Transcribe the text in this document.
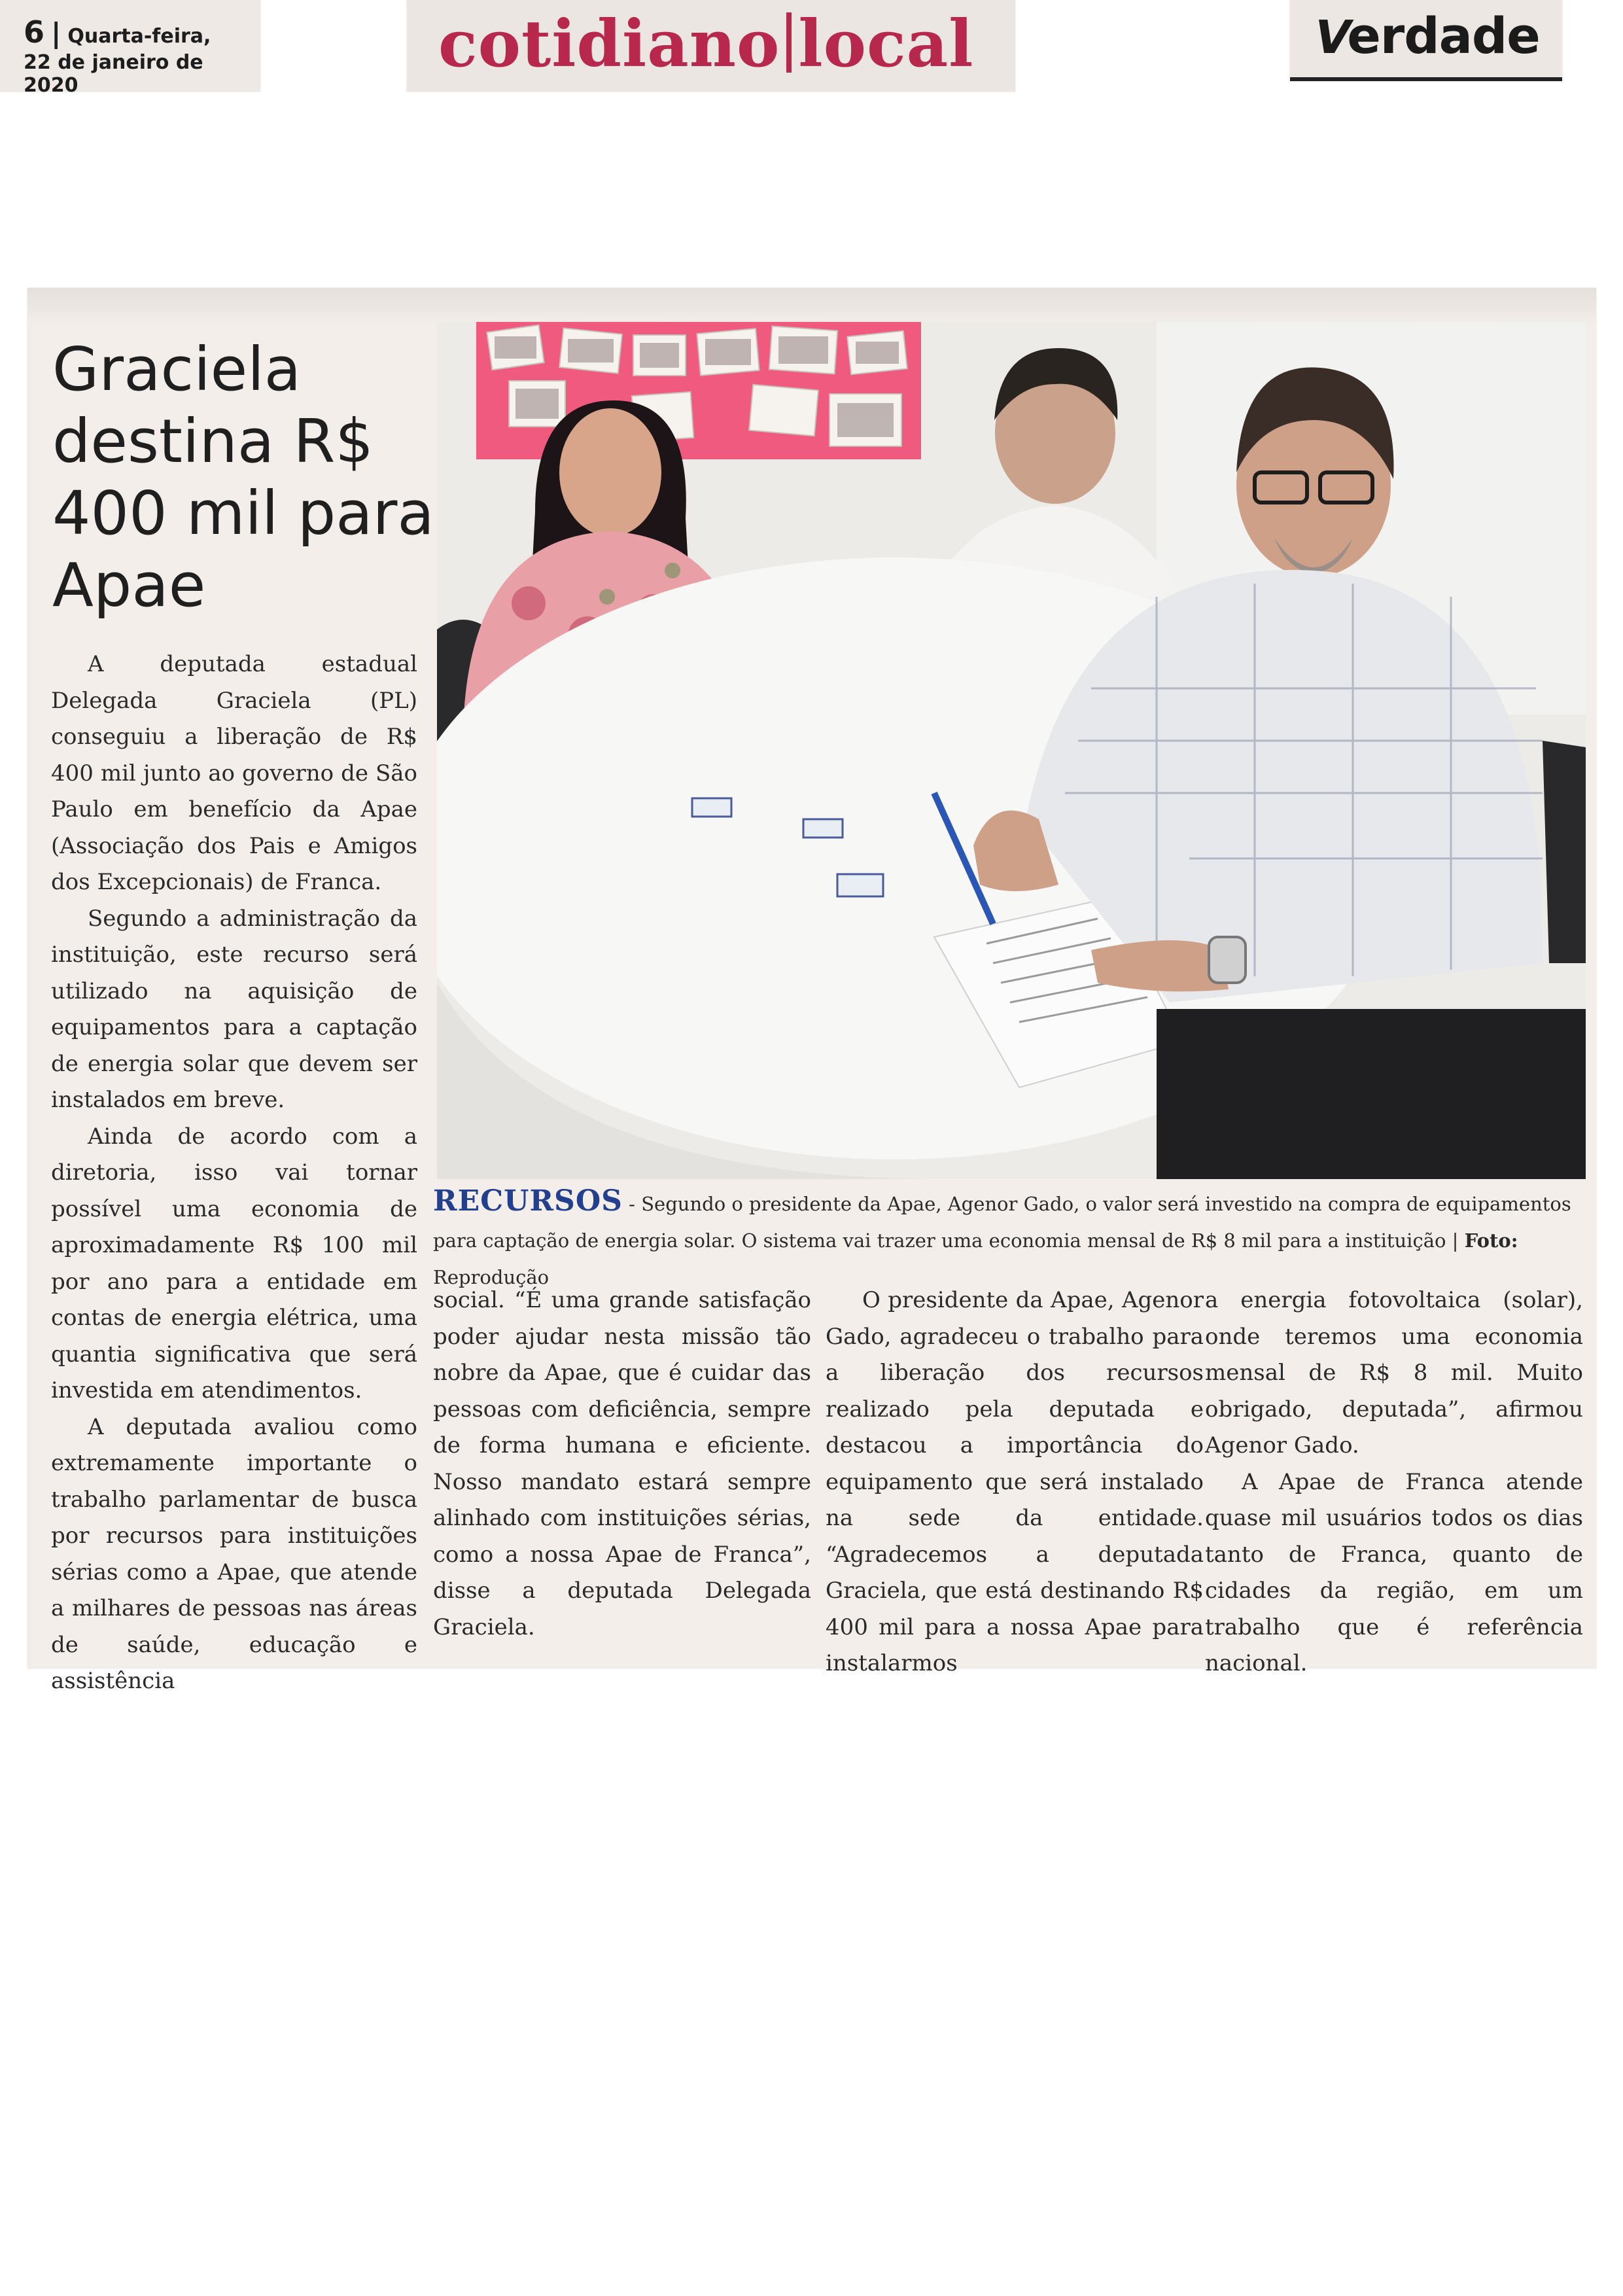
6 | Quarta-feira,
22 de janeiro de 2020
cotidiano local	Verdade
Graciela destina R$ 400 mil para Apae

A deputada estadual Delegada Graciela (PL) conseguiu a liberação de R$ 400 mil junto ao governo de São Paulo em benefício da Apae (Associação dos Pais e Amigos dos Excepcionais) de Franca.

Segundo a administração da instituição, este recurso será utilizado na aquisição de equipamentos para a captação de energia solar que devem ser instalados em breve.

Ainda de acordo com a diretoria, isso vai tornar possível uma economia de aproximadamente R$ 100 mil por ano para a entidade em contas de energia elétrica, uma quantia significativa que será investida em atendimentos.

A deputada avaliou como extremamente importante o trabalho parlamentar de busca por recursos para instituições sérias como a Apae, que atende a milhares de pessoas nas áreas de saúde, educação e assistência

RECURSOS - Segundo o presidente da Apae, Agenor Gado, o valor será investido na compra de equipamentos para captação de energia solar. O sistema vai trazer uma economia mensal de R$ 8 mil para a instituição | Foto: Reprodução

social. “É uma grande satisfação poder ajudar nesta missão tão nobre da Apae, que é cuidar das pessoas com deficiência, sempre de forma humana e eficiente. Nosso mandato estará sempre alinhado com instituições sérias, como a nossa Apae de Franca”, disse a deputada Delegada Graciela.

O presidente da Apae, Agenor Gado, agradeceu o trabalho para a liberação dos recursos realizado pela deputada e destacou a importância do equipamento que será instalado na sede da entidade. “Agradecemos a deputada Graciela, que está destinando R$ 400 mil para a nossa Apae para instalarmos

a energia fotovoltaica (solar), onde teremos uma economia mensal de R$ 8 mil. Muito obrigado, deputada”, afirmou Agenor Gado.

A Apae de Franca atende quase mil usuários todos os dias tanto de Franca, quanto de cidades da região, em um trabalho que é referência nacional.
